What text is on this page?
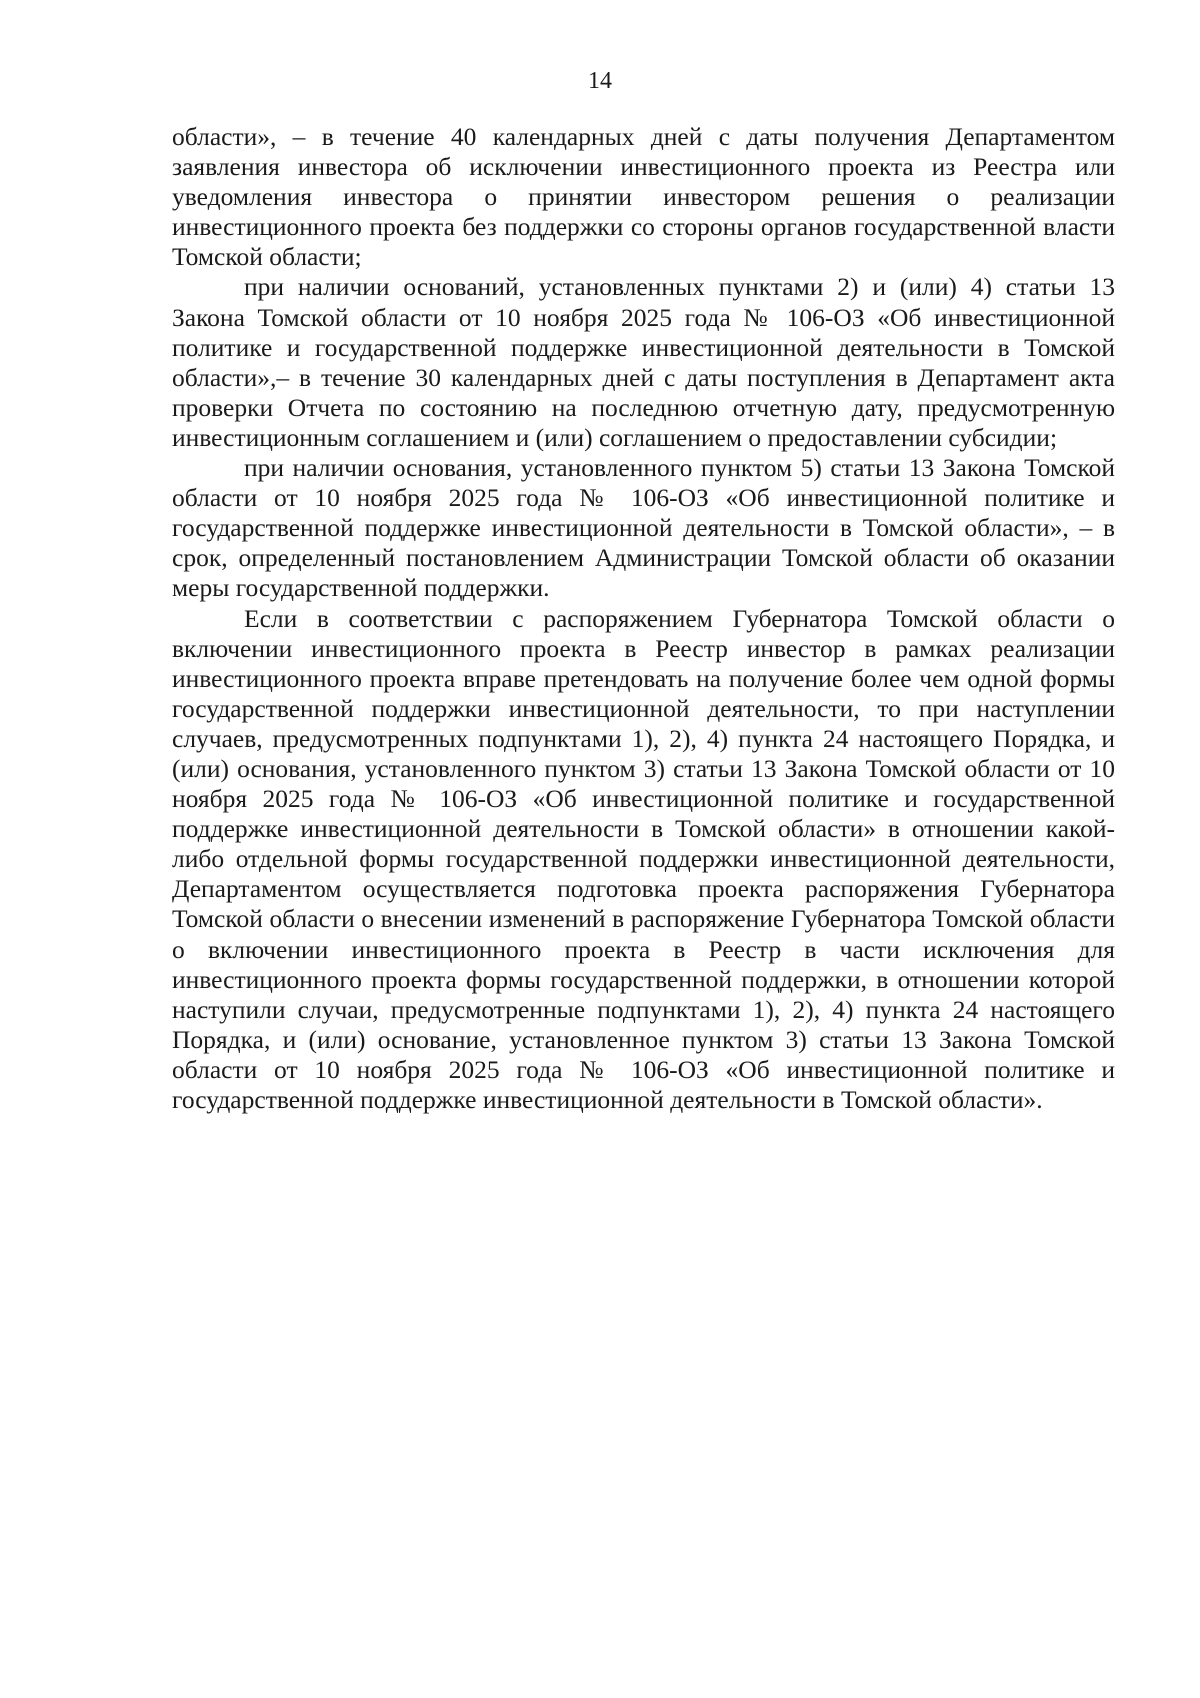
14

области», – в течение 40 календарных дней с даты получения Департаментом заявления инвестора об исключении инвестиционного проекта из Реестра или уведомления инвестора о принятии инвестором решения о реализации инвестиционного проекта без поддержки со стороны органов государственной власти Томской области;

при наличии оснований, установленных пунктами 2) и (или) 4) статьи 13 Закона Томской области от 10 ноября 2025 года № 106-ОЗ «Об инвестиционной политике и государственной поддержке инвестиционной деятельности в Томской области»,– в течение 30 календарных дней с даты поступления в Департамент акта проверки Отчета по состоянию на последнюю отчетную дату, предусмотренную инвестиционным соглашением и (или) соглашением о предоставлении субсидии;

при наличии основания, установленного пунктом 5) статьи 13 Закона Томской области от 10 ноября 2025 года № 106-ОЗ «Об инвестиционной политике и государственной поддержке инвестиционной деятельности в Томской области», – в срок, определенный постановлением Администрации Томской области об оказании меры государственной поддержки.

Если в соответствии с распоряжением Губернатора Томской области о включении инвестиционного проекта в Реестр инвестор в рамках реализации инвестиционного проекта вправе претендовать на получение более чем одной формы государственной поддержки инвестиционной деятельности, то при наступлении случаев, предусмотренных подпунктами 1), 2), 4) пункта 24 настоящего Порядка, и (или) основания, установленного пунктом 3) статьи 13 Закона Томской области от 10 ноября 2025 года № 106-ОЗ «Об инвестиционной политике и государственной поддержке инвестиционной деятельности в Томской области» в отношении какой-либо отдельной формы государственной поддержки инвестиционной деятельности, Департаментом осуществляется подготовка проекта распоряжения Губернатора Томской области о внесении изменений в распоряжение Губернатора Томской области о включении инвестиционного проекта в Реестр в части исключения для инвестиционного проекта формы государственной поддержки, в отношении которой наступили случаи, предусмотренные подпунктами 1), 2), 4) пункта 24 настоящего Порядка, и (или) основание, установленное пунктом 3) статьи 13 Закона Томской области от 10 ноября 2025 года № 106-ОЗ «Об инвестиционной политике и государственной поддержке инвестиционной деятельности в Томской области».
